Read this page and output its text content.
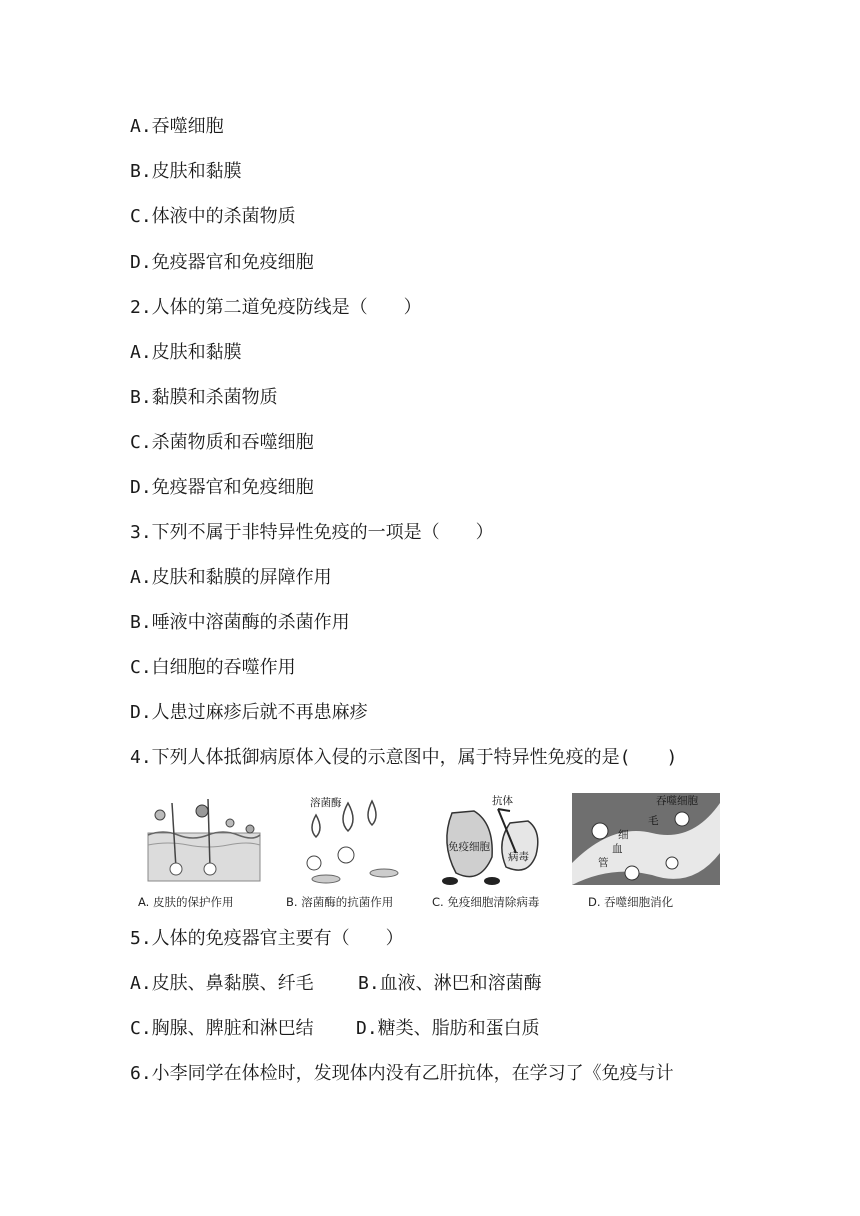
A.吞噬细胞
B.皮肤和黏膜
C.体液中的杀菌物质
D.免疫器官和免疫细胞
2.人体的第二道免疫防线是（　　）
A.皮肤和黏膜
B.黏膜和杀菌物质
C.杀菌物质和吞噬细胞
D.免疫器官和免疫细胞
3.下列不属于非特异性免疫的一项是（　　）
A.皮肤和黏膜的屏障作用
B.唾液中溶菌酶的杀菌作用
C.白细胞的吞噬作用
D.人患过麻疹后就不再患麻疹
4.下列人体抵御病原体入侵的示意图中，属于特异性免疫的是(　　)
A. 皮肤的保护作用
溶菌酶
B. 溶菌酶的抗菌作用
抗体
病毒
免疫细胞
C. 免疫细胞清除病毒
吞噬细胞
毛
细
血
管
D. 吞噬细胞消化
5.人体的免疫器官主要有（　　）
A.皮肤、鼻黏膜、纤毛 B.血液、淋巴和溶菌酶
C.胸腺、脾脏和淋巴结 D.糖类、脂肪和蛋白质
6.小李同学在体检时，发现体内没有乙肝抗体，在学习了《免疫与计
